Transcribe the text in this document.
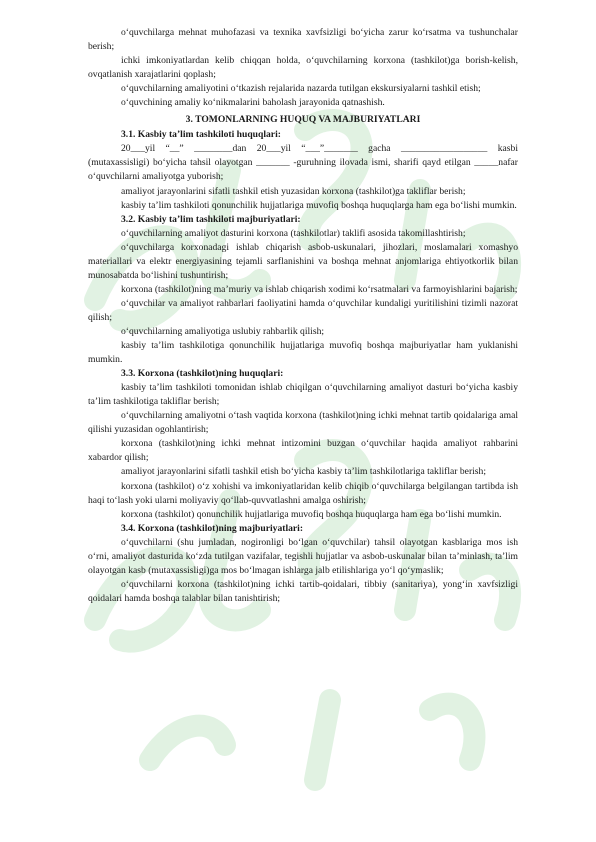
o‘quvchilarga mehnat muhofazasi va texnika xavfsizligi bo‘yicha zarur ko‘rsatma va tushunchalar berish;

ichki imkoniyatlardan kelib chiqqan holda, o‘quvchilarning korxona (tashkilot)ga borish-kelish, ovqatlanish xarajatlarini qoplash;

o‘quvchilarning amaliyotini o‘tkazish rejalarida nazarda tutilgan ekskursiyalarni tashkil etish;

o‘quvchining amaliy ko‘nikmalarini baholash jarayonida qatnashish.

3. TOMONLARNING HUQUQ VA MAJBURIYATLARI

3.1. Kasbiy ta’lim tashkiloti huquqlari:

20___yil “__” ________dan 20___yil “___”_______ gacha __________________ kasbi (mutaxassisligi) bo‘yicha tahsil olayotgan _______ -guruhning ilovada ismi, sharifi qayd etilgan _____nafar o‘quvchilarni amaliyotga yuborish;

amaliyot jarayonlarini sifatli tashkil etish yuzasidan korxona (tashkilot)ga takliflar berish;

kasbiy ta’lim tashkiloti qonunchilik hujjatlariga muvofiq boshqa huquqlarga ham ega bo‘lishi mumkin.

3.2. Kasbiy ta’lim tashkiloti majburiyatlari:

o‘quvchilarning amaliyot dasturini korxona (tashkilotlar) taklifi asosida takomillashtirish;

o‘quvchilarga korxonadagi ishlab chiqarish asbob-uskunalari, jihozlari, moslamalari xomashyo materiallari va elektr energiyasining tejamli sarflanishini va boshqa mehnat anjomlariga ehtiyotkorlik bilan munosabatda bo‘lishini tushuntirish;

korxona (tashkilot)ning ma’muriy va ishlab chiqarish xodimi ko‘rsatmalari va farmoyishlarini bajarish;

o‘quvchilar va amaliyot rahbarlari faoliyatini hamda o‘quvchilar kundaligi yuritilishini tizimli nazorat qilish;

o‘quvchilarning amaliyotiga uslubiy rahbarlik qilish;

kasbiy ta’lim tashkilotiga qonunchilik hujjatlariga muvofiq boshqa majburiyatlar ham yuklanishi mumkin.

3.3. Korxona (tashkilot)ning huquqlari:

kasbiy ta’lim tashkiloti tomonidan ishlab chiqilgan o‘quvchilarning amaliyot dasturi bo‘yicha kasbiy ta’lim tashkilotiga takliflar berish;

o‘quvchilarning amaliyotni o‘tash vaqtida korxona (tashkilot)ning ichki mehnat tartib qoidalariga amal qilishi yuzasidan ogohlantirish;

korxona (tashkilot)ning ichki mehnat intizomini buzgan o‘quvchilar haqida amaliyot rahbarini xabardor qilish;

amaliyot jarayonlarini sifatli tashkil etish bo‘yicha kasbiy ta’lim tashkilotlariga takliflar berish;

korxona (tashkilot) o‘z xohishi va imkoniyatlaridan kelib chiqib o‘quvchilarga belgilangan tartibda ish haqi to‘lash yoki ularni moliyaviy qo‘llab-quvvatlashni amalga oshirish;

korxona (tashkilot) qonunchilik hujjatlariga muvofiq boshqa huquqlarga ham ega bo‘lishi mumkin.

3.4. Korxona (tashkilot)ning majburiyatlari:

o‘quvchilarni (shu jumladan, nogironligi bo‘lgan o‘quvchilar) tahsil olayotgan kasblariga mos ish o‘rni, amaliyot dasturida ko‘zda tutilgan vazifalar, tegishli hujjatlar va asbob-uskunalar bilan ta’minlash, ta’lim olayotgan kasb (mutaxassisligi)ga mos bo‘lmagan ishlarga jalb etilishlariga yo‘l qo‘ymaslik;

o‘quvchilarni korxona (tashkilot)ning ichki tartib-qoidalari, tibbiy (sanitariya), yong‘in xavfsizligi qoidalari hamda boshqa talablar bilan tanishtirish;
